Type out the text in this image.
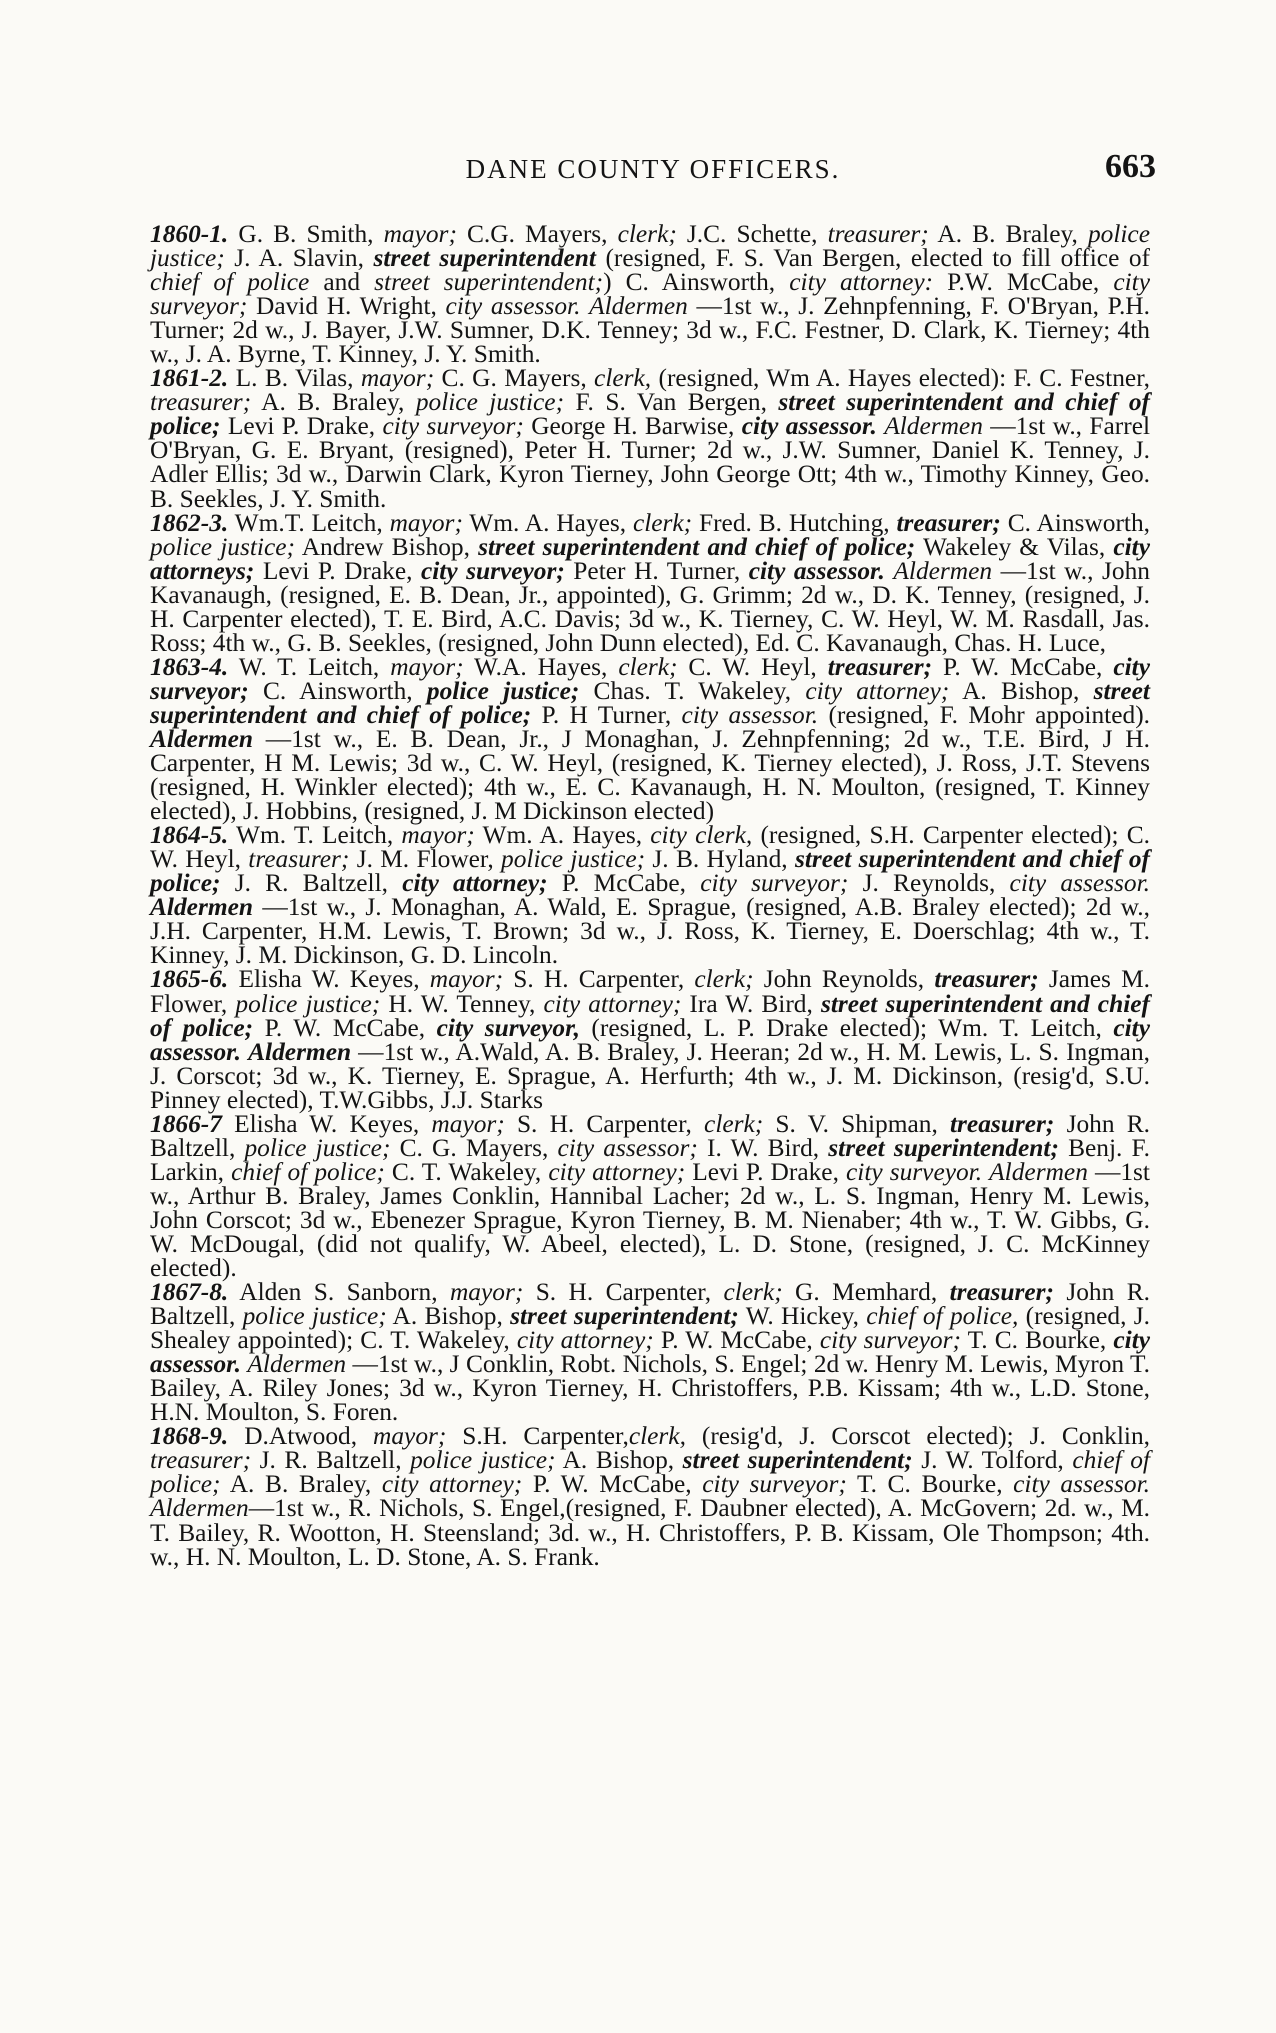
DANE COUNTY OFFICERS.	663

1860-1. G. B. Smith, mayor; C.G. Mayers, clerk; J.C. Schette, treasurer; A. B. Braley, police justice; J. A. Slavin, street superintendent (resigned, F. S. Van Bergen, elected to fill office of chief of police and street superintendent;) C. Ainsworth, city attorney: P.W. McCabe, city surveyor; David H. Wright, city assessor. Aldermen —1st w., J. Zehnpfenning, F. O'Bryan, P.H. Turner; 2d w., J. Bayer, J.W. Sumner, D.K. Tenney; 3d w., F.C. Festner, D. Clark, K. Tierney; 4th w., J. A. Byrne, T. Kinney, J. Y. Smith.

1861-2. L. B. Vilas, mayor; C. G. Mayers, clerk, (resigned, Wm A. Hayes elected): F. C. Festner, treasurer; A. B. Braley, police justice; F. S. Van Bergen, street superintendent and chief of police; Levi P. Drake, city surveyor; George H. Barwise, city assessor. Aldermen —1st w., Farrel O'Bryan, G. E. Bryant, (resigned), Peter H. Turner; 2d w., J.W. Sumner, Daniel K. Tenney, J. Adler Ellis; 3d w., Darwin Clark, Kyron Tierney, John George Ott; 4th w., Timothy Kinney, Geo. B. Seekles, J. Y. Smith.

1862-3. Wm.T. Leitch, mayor; Wm. A. Hayes, clerk; Fred. B. Hutching, treasurer; C. Ainsworth, police justice; Andrew Bishop, street superintendent and chief of police; Wakeley & Vilas, city attorneys; Levi P. Drake, city surveyor; Peter H. Turner, city assessor. Aldermen —1st w., John Kavanaugh, (resigned, E. B. Dean, Jr., appointed), G. Grimm; 2d w., D. K. Tenney, (resigned, J. H. Carpenter elected), T. E. Bird, A.C. Davis; 3d w., K. Tierney, C. W. Heyl, W. M. Rasdall, Jas. Ross; 4th w., G. B. Seekles, (resigned, John Dunn elected), Ed. C. Kavanaugh, Chas. H. Luce,

1863-4. W. T. Leitch, mayor; W.A. Hayes, clerk; C. W. Heyl, treasurer; P. W. McCabe, city surveyor; C. Ainsworth, police justice; Chas. T. Wakeley, city attorney; A. Bishop, street superintendent and chief of police; P. H Turner, city assessor. (resigned, F. Mohr appointed). Aldermen —1st w., E. B. Dean, Jr., J Monaghan, J. Zehnpfenning; 2d w., T.E. Bird, J H. Carpenter, H M. Lewis; 3d w., C. W. Heyl, (resigned, K. Tierney elected), J. Ross, J.T. Stevens (resigned, H. Winkler elected); 4th w., E. C. Kavanaugh, H. N. Moulton, (resigned, T. Kinney elected), J. Hobbins, (resigned, J. M Dickinson elected)

1864-5. Wm. T. Leitch, mayor; Wm. A. Hayes, city clerk, (resigned, S.H. Carpenter elected); C. W. Heyl, treasurer; J. M. Flower, police justice; J. B. Hyland, street superintendent and chief of police; J. R. Baltzell, city attorney; P. McCabe, city surveyor; J. Reynolds, city assessor. Aldermen —1st w., J. Monaghan, A. Wald, E. Sprague, (resigned, A.B. Braley elected); 2d w., J.H. Carpenter, H.M. Lewis, T. Brown; 3d w., J. Ross, K. Tierney, E. Doerschlag; 4th w., T. Kinney, J. M. Dickinson, G. D. Lincoln.

1865-6. Elisha W. Keyes, mayor; S. H. Carpenter, clerk; John Reynolds, treasurer; James M. Flower, police justice; H. W. Tenney, city attorney; Ira W. Bird, street superintendent and chief of police; P. W. McCabe, city surveyor, (resigned, L. P. Drake elected); Wm. T. Leitch, city assessor. Aldermen —1st w., A.Wald, A. B. Braley, J. Heeran; 2d w., H. M. Lewis, L. S. Ingman, J. Corscot; 3d w., K. Tierney, E. Sprague, A. Herfurth; 4th w., J. M. Dickinson, (resig'd, S.U. Pinney elected), T.W.Gibbs, J.J. Starks

1866-7 Elisha W. Keyes, mayor; S. H. Carpenter, clerk; S. V. Shipman, treasurer; John R. Baltzell, police justice; C. G. Mayers, city assessor; I. W. Bird, street superintendent; Benj. F. Larkin, chief of police; C. T. Wakeley, city attorney; Levi P. Drake, city surveyor. Aldermen —1st w., Arthur B. Braley, James Conklin, Hannibal Lacher; 2d w., L. S. Ingman, Henry M. Lewis, John Corscot; 3d w., Ebenezer Sprague, Kyron Tierney, B. M. Nienaber; 4th w., T. W. Gibbs, G. W. McDougal, (did not qualify, W. Abeel, elected), L. D. Stone, (resigned, J. C. McKinney elected).

1867-8. Alden S. Sanborn, mayor; S. H. Carpenter, clerk; G. Memhard, treasurer; John R. Baltzell, police justice; A. Bishop, street superintendent; W. Hickey, chief of police, (resigned, J. Shealey appointed); C. T. Wakeley, city attorney; P. W. McCabe, city surveyor; T. C. Bourke, city assessor. Aldermen —1st w., J Conklin, Robt. Nichols, S. Engel; 2d w. Henry M. Lewis, Myron T. Bailey, A. Riley Jones; 3d w., Kyron Tierney, H. Christoffers, P.B. Kissam; 4th w., L.D. Stone, H.N. Moulton, S. Foren.

1868-9. D.Atwood, mayor; S.H. Carpenter,clerk, (resig'd, J. Corscot elected); J. Conklin, treasurer; J. R. Baltzell, police justice; A. Bishop, street superintendent; J. W. Tolford, chief of police; A. B. Braley, city attorney; P. W. McCabe, city surveyor; T. C. Bourke, city assessor. Aldermen—1st w., R. Nichols, S. Engel,(resigned, F. Daubner elected), A. McGovern; 2d. w., M. T. Bailey, R. Wootton, H. Steensland; 3d. w., H. Christoffers, P. B. Kissam, Ole Thompson; 4th. w., H. N. Moulton, L. D. Stone, A. S. Frank.
